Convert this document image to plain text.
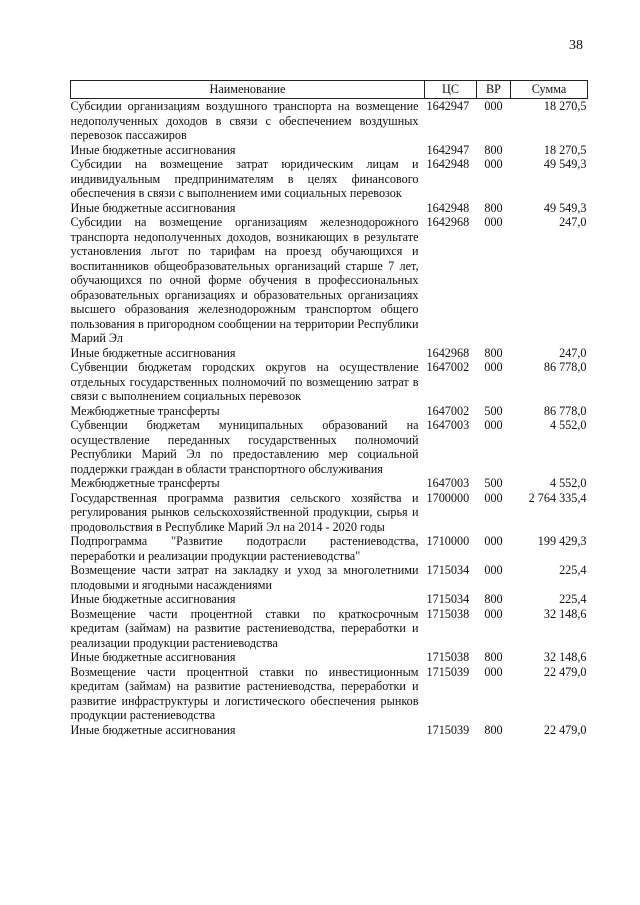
38
Наименование	ЦС	ВР	Сумма
Субсидии организациям воздушного транспорта на возмещение недополученных доходов в связи с обеспечением воздушных перевозок пассажиров	1642947	000	18 270,5
Иные бюджетные ассигнования	1642947	800	18 270,5
Субсидии на возмещение затрат юридическим лицам и индивидуальным предпринимателям в целях финансового обеспечения в связи с выполнением ими социальных перевозок	1642948	000	49 549,3
Иные бюджетные ассигнования	1642948	800	49 549,3
Субсидии на возмещение организациям железнодорожного транспорта недополученных доходов, возникающих в результате установления льгот по тарифам на проезд обучающихся и воспитанников общеобразовательных организаций старше 7 лет, обучающихся по очной форме обучения в профессиональных образовательных организациях и образовательных организациях высшего образования железнодорожным транспортом общего пользования в пригородном сообщении на территории Республики Марий Эл	1642968	000	247,0
Иные бюджетные ассигнования	1642968	800	247,0
Субвенции бюджетам городских округов на осуществление отдельных государственных полномочий по возмещению затрат в связи с выполнением социальных перевозок	1647002	000	86 778,0
Межбюджетные трансферты	1647002	500	86 778,0
Субвенции бюджетам муниципальных образований на осуществление переданных государственных полномочий Республики Марий Эл по предоставлению мер социальной поддержки граждан в области транспортного обслуживания	1647003	000	4 552,0
Межбюджетные трансферты	1647003	500	4 552,0
Государственная программа развития сельского хозяйства и регулирования рынков сельскохозяйственной продукции, сырья и продовольствия в Республике Марий Эл на 2014 - 2020 годы	1700000	000	2 764 335,4
Подпрограмма "Развитие подотрасли растениеводства, переработки и реализации продукции растениеводства"	1710000	000	199 429,3
Возмещение части затрат на закладку и уход за многолетними плодовыми и ягодными насаждениями	1715034	000	225,4
Иные бюджетные ассигнования	1715034	800	225,4
Возмещение части процентной ставки по краткосрочным кредитам (займам) на развитие растениеводства, переработки и реализации продукции растениеводства	1715038	000	32 148,6
Иные бюджетные ассигнования	1715038	800	32 148,6
Возмещение части процентной ставки по инвестиционным кредитам (займам) на развитие растениеводства, переработки и развитие инфраструктуры и логистического обеспечения рынков продукции растениеводства	1715039	000	22 479,0
Иные бюджетные ассигнования	1715039	800	22 479,0
